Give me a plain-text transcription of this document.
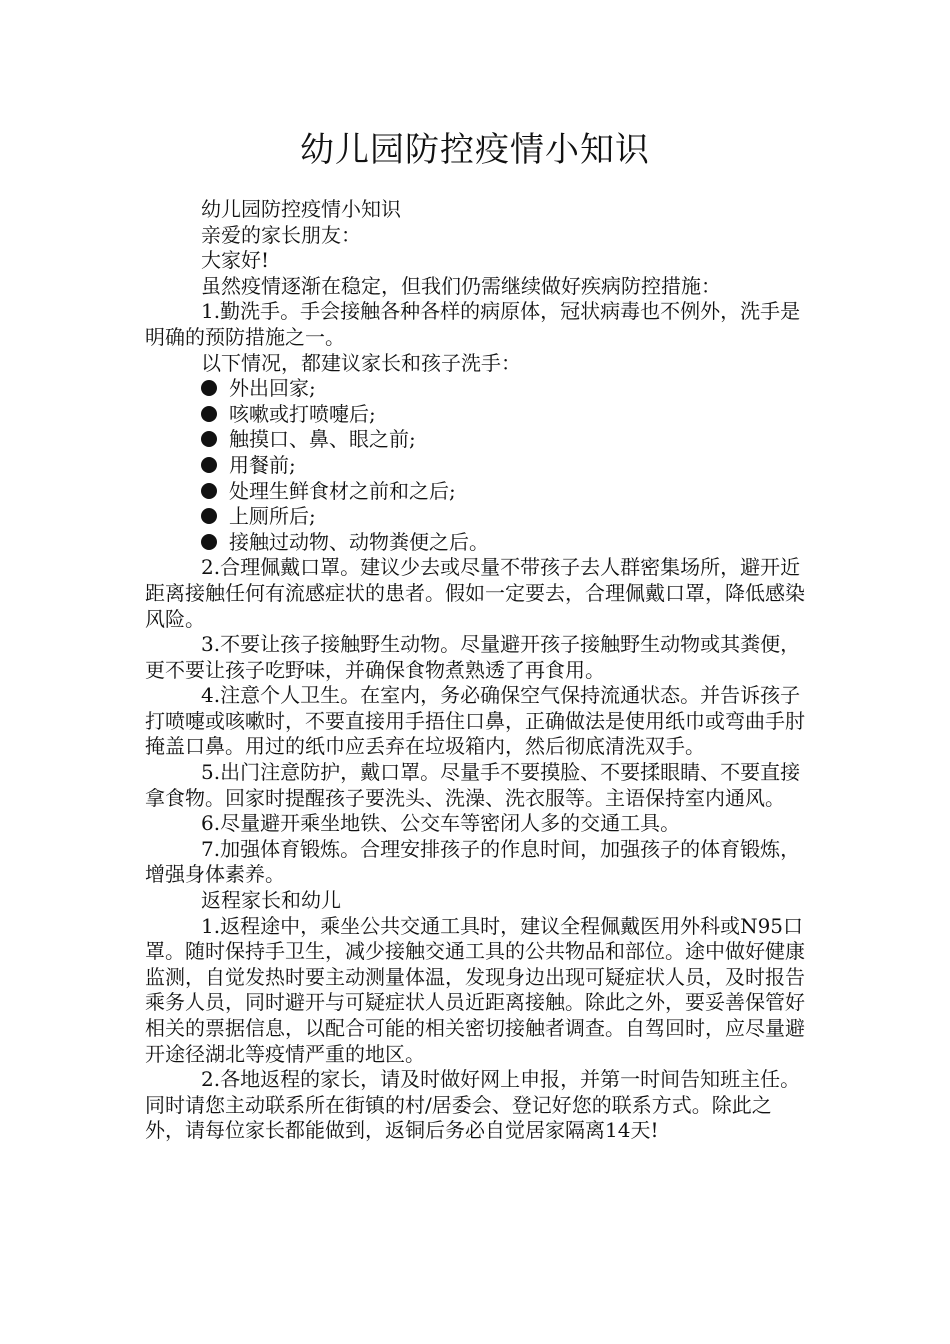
幼儿园防控疫情小知识

幼儿园防控疫情小知识

亲爱的家长朋友：

大家好!

虽然疫情逐渐在稳定，但我们仍需继续做好疾病防控措施：

1.勤洗手。手会接触各种各样的病原体，冠状病毒也不例外，洗手是明确的预防措施之一。

以下情况，都建议家长和孩子洗手：

外出回家;

咳嗽或打喷嚏后;

触摸口、鼻、眼之前;

用餐前;

处理生鲜食材之前和之后;

上厕所后;

接触过动物、动物粪便之后。

2.合理佩戴口罩。建议少去或尽量不带孩子去人群密集场所，避开近距离接触任何有流感症状的患者。假如一定要去，合理佩戴口罩，降低感染风险。

3.不要让孩子接触野生动物。尽量避开孩子接触野生动物或其粪便，更不要让孩子吃野味，并确保食物煮熟透了再食用。

4.注意个人卫生。在室内，务必确保空气保持流通状态。并告诉孩子打喷嚏或咳嗽时，不要直接用手捂住口鼻，正确做法是使用纸巾或弯曲手肘掩盖口鼻。用过的纸巾应丢弃在垃圾箱内，然后彻底清洗双手。

5.出门注意防护，戴口罩。尽量手不要摸脸、不要揉眼睛、不要直接拿食物。回家时提醒孩子要洗头、洗澡、洗衣服等。主语保持室内通风。

6.尽量避开乘坐地铁、公交车等密闭人多的交通工具。

7.加强体育锻炼。合理安排孩子的作息时间，加强孩子的体育锻炼，增强身体素养。

返程家长和幼儿

1.返程途中，乘坐公共交通工具时，建议全程佩戴医用外科或N95口罩。随时保持手卫生，减少接触交通工具的公共物品和部位。途中做好健康监测，自觉发热时要主动测量体温，发现身边出现可疑症状人员，及时报告乘务人员，同时避开与可疑症状人员近距离接触。除此之外，要妥善保管好相关的票据信息，以配合可能的相关密切接触者调查。自驾回时，应尽量避开途径湖北等疫情严重的地区。

2.各地返程的家长，请及时做好网上申报，并第一时间告知班主任。同时请您主动联系所在街镇的村/居委会、登记好您的联系方式。除此之外，请每位家长都能做到，返铜后务必自觉居家隔离14天!
